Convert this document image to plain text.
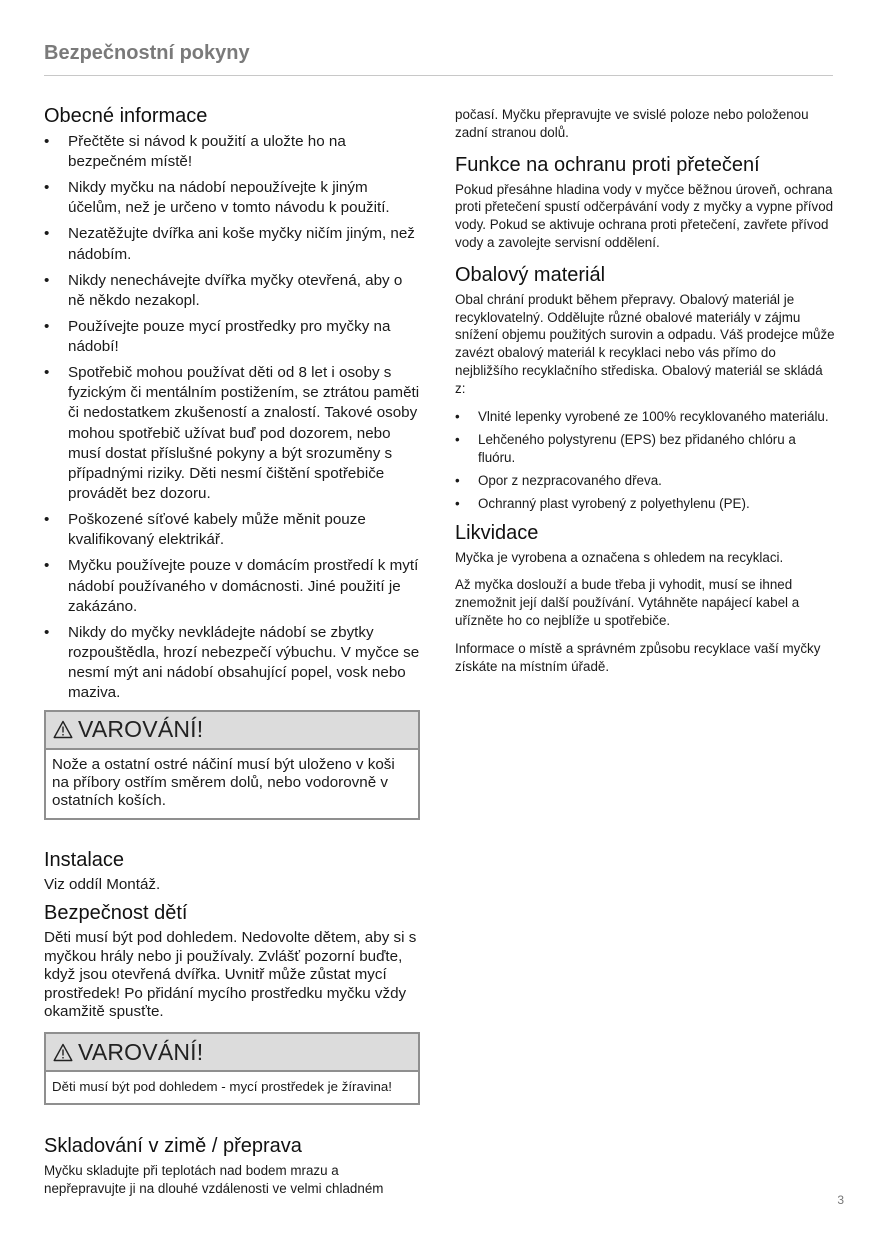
Bezpečnostní pokyny
Obecné informace
• Přečtěte si návod k použití a uložte ho na bezpečném místě!
• Nikdy myčku na nádobí nepoužívejte k jiným účelům, než je určeno v tomto návodu k použití.
• Nezatěžujte dvířka ani koše myčky ničím jiným, než nádobím.
• Nikdy nenechávejte dvířka myčky otevřená, aby o ně někdo nezakopl.
• Používejte pouze mycí prostředky pro myčky na nádobí!
• Spotřebič mohou používat děti od 8 let i osoby s fyzickým či mentálním postižením, se ztrátou paměti či nedostatkem zkušeností a znalostí. Takové osoby mohou spotřebič užívat buď pod dozorem, nebo musí dostat příslušné pokyny a být srozuměny s případnými riziky. Děti nesmí čištění spotřebiče provádět bez dozoru.
• Poškozené síťové kabely může měnit pouze kvalifikovaný elektrikář.
• Myčku používejte pouze v domácím prostředí k mytí nádobí používaného v domácnosti. Jiné použití je zakázáno.
• Nikdy do myčky nevkládejte nádobí se zbytky rozpouštědla, hrozí nebezpečí výbuchu. V myčce se nesmí mýt ani nádobí obsahující popel, vosk nebo maziva.
VAROVÁNÍ!

Nože a ostatní ostré náčiní musí být uloženo v koši na příbory ostřím směrem dolů, nebo vodorovně v ostatních koších.

Instalace

Viz oddíl Montáž.

Bezpečnost dětí

Děti musí být pod dohledem. Nedovolte dětem, aby si s myčkou hrály nebo ji používaly. Zvlášť pozorní buďte, když jsou otevřená dvířka. Uvnitř může zůstat mycí prostředek! Po přidání mycího prostředku myčku vždy okamžitě spusťte.

VAROVÁNÍ!

Děti musí být pod dohledem - mycí prostředek je žíravina!

Skladování v zimě / přeprava

Myčku skladujte při teplotách nad bodem mrazu a nepřepravujte ji na dlouhé vzdálenosti ve velmi chladném

počasí. Myčku přepravujte ve svislé poloze nebo položenou zadní stranou dolů.

Funkce na ochranu proti přetečení

Pokud přesáhne hladina vody v myčce běžnou úroveň, ochrana proti přetečení spustí odčerpávání vody z myčky a vypne přívod vody. Pokud se aktivuje ochrana proti přetečení, zavřete přívod vody a zavolejte servisní oddělení.

Obalový materiál

Obal chrání produkt během přepravy. Obalový materiál je recyklovatelný. Oddělujte různé obalové materiály v zájmu snížení objemu použitých surovin a odpadu. Váš prodejce může zavézt obalový materiál k recyklaci nebo vás přímo do nejbližšího recyklačního střediska. Obalový materiál se skládá z:

• Vlnité lepenky vyrobené ze 100% recyklovaného materiálu.
• Lehčeného polystyrenu (EPS) bez přidaného chlóru a fluóru.
• Opor z nezpracovaného dřeva.
• Ochranný plast vyrobený z polyethylenu (PE).
Likvidace

Myčka je vyrobena a označena s ohledem na recyklaci.

Až myčka doslouží a bude třeba ji vyhodit, musí se ihned znemožnit její další používání. Vytáhněte napájecí kabel a uřízněte ho co nejblíže u spotřebiče.

Informace o místě a správném způsobu recyklace vaší myčky získáte na místním úřadě.

3
